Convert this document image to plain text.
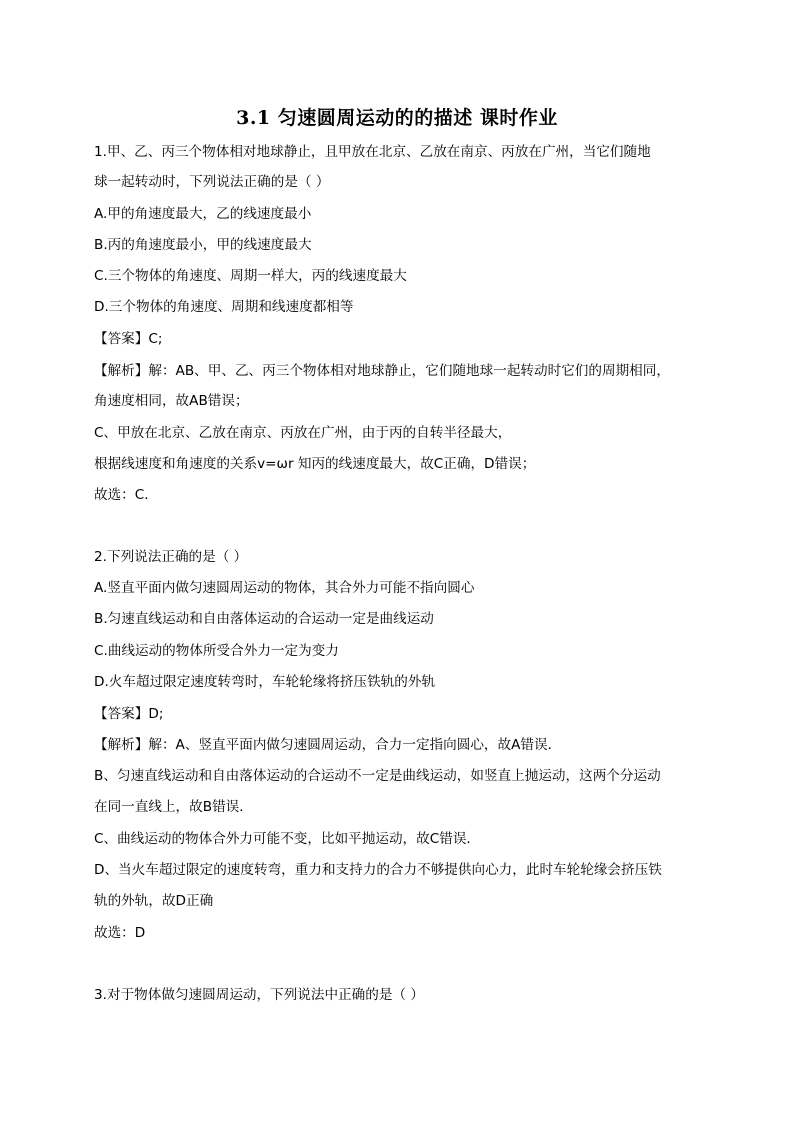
3.1 匀速圆周运动的的描述 课时作业
1.甲、乙、丙三个物体相对地球静止，且甲放在北京、乙放在南京、丙放在广州，当它们随地
球一起转动时，下列说法正确的是（ ）
A.甲的角速度最大，乙的线速度最小
B.丙的角速度最小，甲的线速度最大
C.三个物体的角速度、周期一样大，丙的线速度最大
D.三个物体的角速度、周期和线速度都相等
【答案】C;
【解析】解：AB、甲、乙、丙三个物体相对地球静止，它们随地球一起转动时它们的周期相同，
角速度相同，故AB错误；
C、甲放在北京、乙放在南京、丙放在广州，由于丙的自转半径最大，
根据线速度和角速度的关系v=ωr 知丙的线速度最大，故C正确，D错误；
故选：C．
2.下列说法正确的是（ ）
A.竖直平面内做匀速圆周运动的物体，其合外力可能不指向圆心
B.匀速直线运动和自由落体运动的合运动一定是曲线运动
C.曲线运动的物体所受合外力一定为变力
D.火车超过限定速度转弯时，车轮轮缘将挤压铁轨的外轨
【答案】D;
【解析】解：A、竖直平面内做匀速圆周运动，合力一定指向圆心，故A错误．
B、匀速直线运动和自由落体运动的合运动不一定是曲线运动，如竖直上抛运动，这两个分运动
在同一直线上，故B错误．
C、曲线运动的物体合外力可能不变，比如平抛运动，故C错误．
D、当火车超过限定的速度转弯，重力和支持力的合力不够提供向心力，此时车轮轮缘会挤压铁
轨的外轨，故D正确
故选：D
3.对于物体做匀速圆周运动，下列说法中正确的是（ ）
